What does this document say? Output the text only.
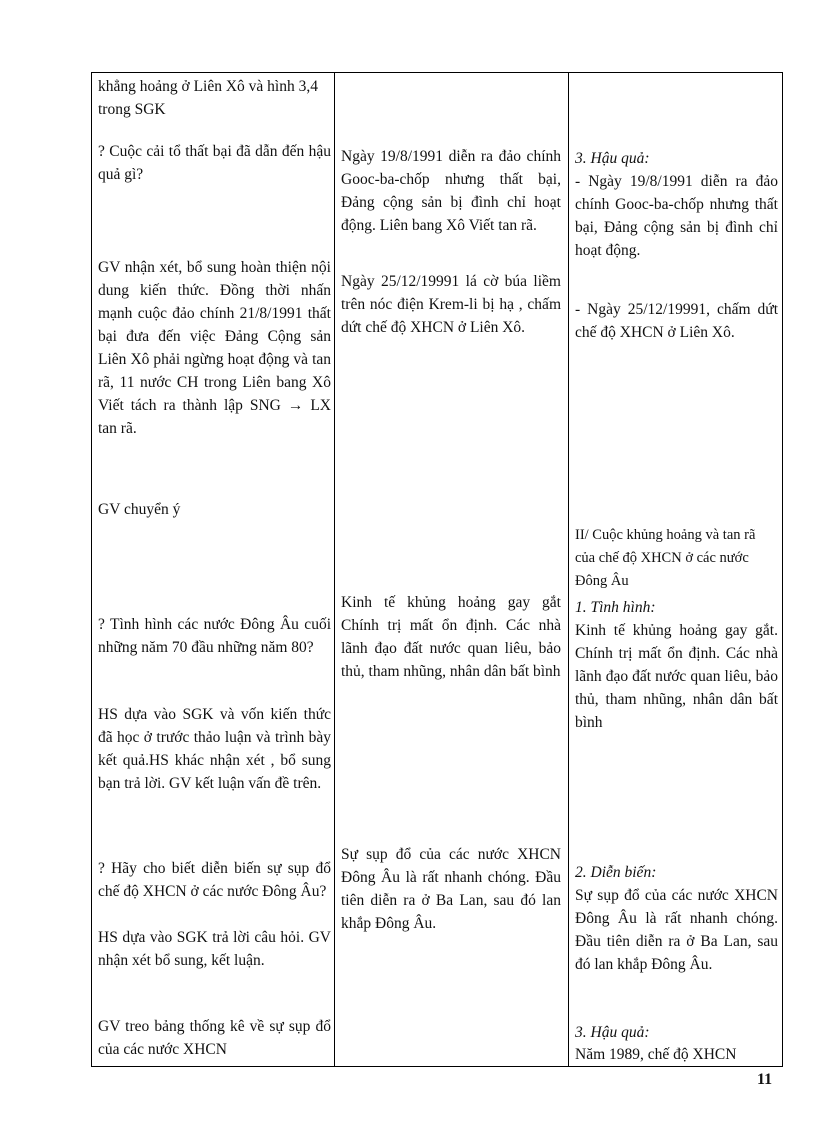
khẳng hoảng ở Liên Xô và hình 3,4 trong SGK

? Cuộc cải tổ thất bại đã dẫn đến hậu quả gì?

GV nhận xét, bổ sung hoàn thiện nội dung kiến thức. Đồng thời nhấn mạnh cuộc đảo chính 21/8/1991 thất bại đưa đến việc Đảng Cộng sản Liên Xô phải ngừng hoạt động và tan rã, 11 nước CH trong Liên bang Xô Viết tách ra thành lập SNG → LX tan rã.

GV chuyển ý

? Tình hình các nước Đông Âu cuối những năm 70 đầu những năm 80?

HS dựa vào SGK và vốn kiến thức đã học ở trước thảo luận và trình bày kết quả.HS khác nhận xét , bổ sung bạn trả lời. GV kết luận vấn đề trên.

? Hãy cho biết diễn biến sự sụp đổ chế độ XHCN ở các nước Đông Âu?

HS dựa vào SGK trả lời câu hỏi. GV nhận xét bổ sung, kết luận.

GV treo bảng thống kê về sự sụp đổ của các nước XHCN

Ngày 19/8/1991 diễn ra đảo chính Gooc-ba-chốp nhưng thất bại, Đảng cộng sản bị đình chỉ hoạt động. Liên bang Xô Viết tan rã.

Ngày 25/12/19991 lá cờ búa liềm trên nóc điện Krem-li bị hạ , chấm dứt chế độ XHCN ở Liên Xô.

Kinh tế khủng hoảng gay gắt Chính trị mất ổn định. Các nhà lãnh đạo đất nước quan liêu, bảo thủ, tham nhũng, nhân dân bất bình

Sự sụp đổ của các nước XHCN Đông Âu là rất nhanh chóng. Đầu tiên diễn ra ở Ba Lan, sau đó lan khắp Đông Âu.

3. Hậu quả:

- Ngày 19/8/1991 diễn ra đảo chính Gooc-ba-chốp nhưng thất bại, Đảng cộng sản bị đình chỉ hoạt động.

- Ngày 25/12/19991, chấm dứt chế độ XHCN ở Liên Xô.

II/ Cuộc khủng hoảng và tan rã của chế độ XHCN ở các nước Đông Âu

1. Tình hình:

Kinh tế khủng hoảng gay gắt. Chính trị mất ổn định. Các nhà lãnh đạo đất nước quan liêu, bảo thủ, tham nhũng, nhân dân bất bình

2. Diễn biến:

Sự sụp đổ của các nước XHCN Đông Âu là rất nhanh chóng. Đầu tiên diễn ra ở Ba Lan, sau đó lan khắp Đông Âu.

3. Hậu quả:

Năm 1989, chế độ XHCN

11
